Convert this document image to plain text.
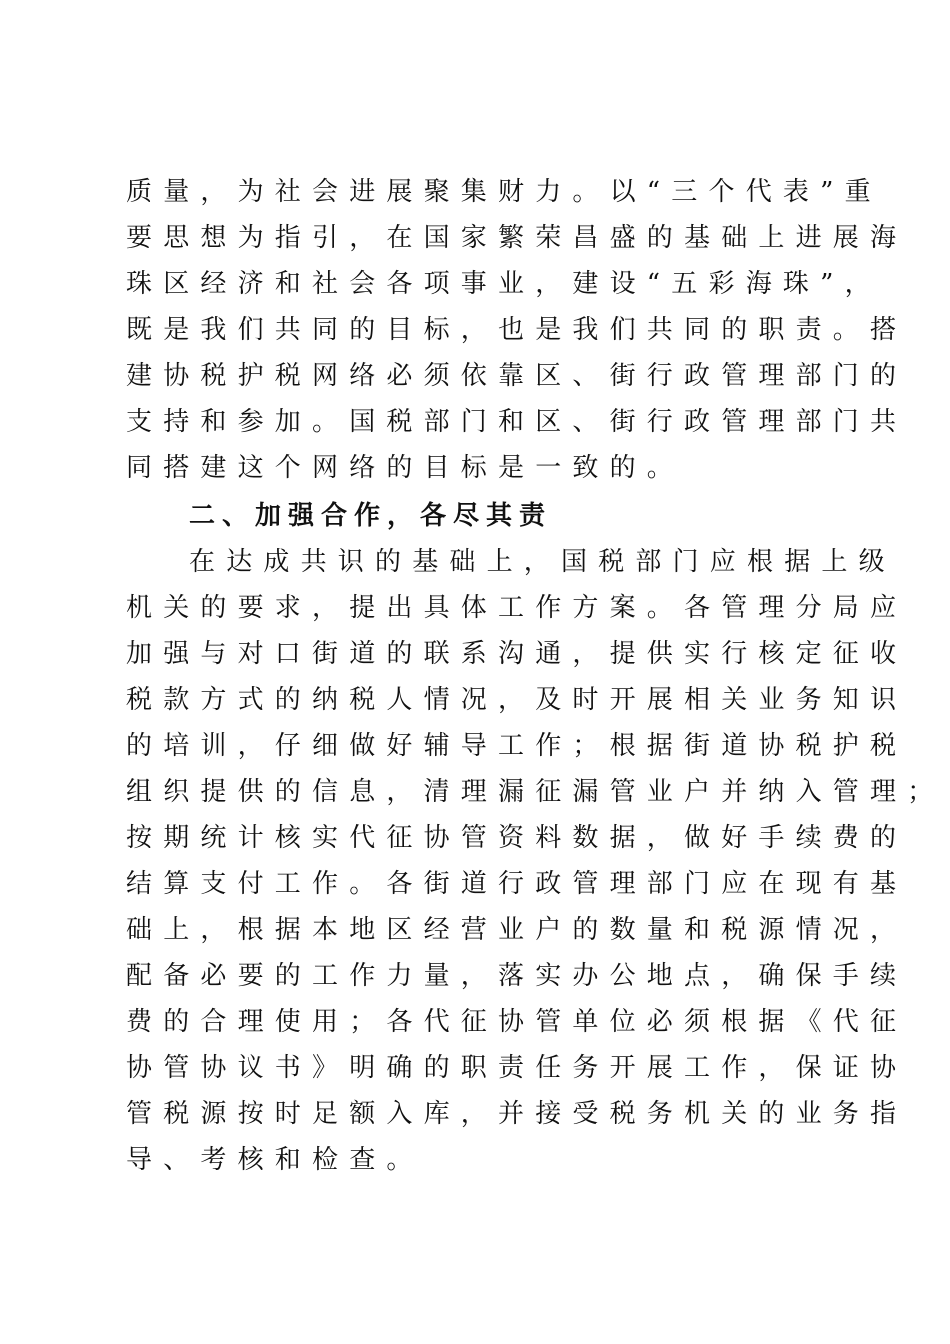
质量，为社会进展聚集财力。以“三个代表”重

要思想为指引，在国家繁荣昌盛的基础上进展海

珠区经济和社会各项事业，建设“五彩海珠”，

既是我们共同的目标，也是我们共同的职责。搭

建协税护税网络必须依靠区、街行政管理部门的

支持和参加。国税部门和区、街行政管理部门共

同搭建这个网络的目标是一致的。

二、加强合作，各尽其责

在达成共识的基础上，国税部门应根据上级

机关的要求，提出具体工作方案。各管理分局应

加强与对口街道的联系沟通，提供实行核定征收

税款方式的纳税人情况，及时开展相关业务知识

的培训，仔细做好辅导工作；根据街道协税护税

组织提供的信息，清理漏征漏管业户并纳入管理；

按期统计核实代征协管资料数据，做好手续费的

结算支付工作。各街道行政管理部门应在现有基

础上，根据本地区经营业户的数量和税源情况，

配备必要的工作力量，落实办公地点，确保手续

费的合理使用；各代征协管单位必须根据《代征

协管协议书》明确的职责任务开展工作，保证协

管税源按时足额入库，并接受税务机关的业务指

导、考核和检查。
